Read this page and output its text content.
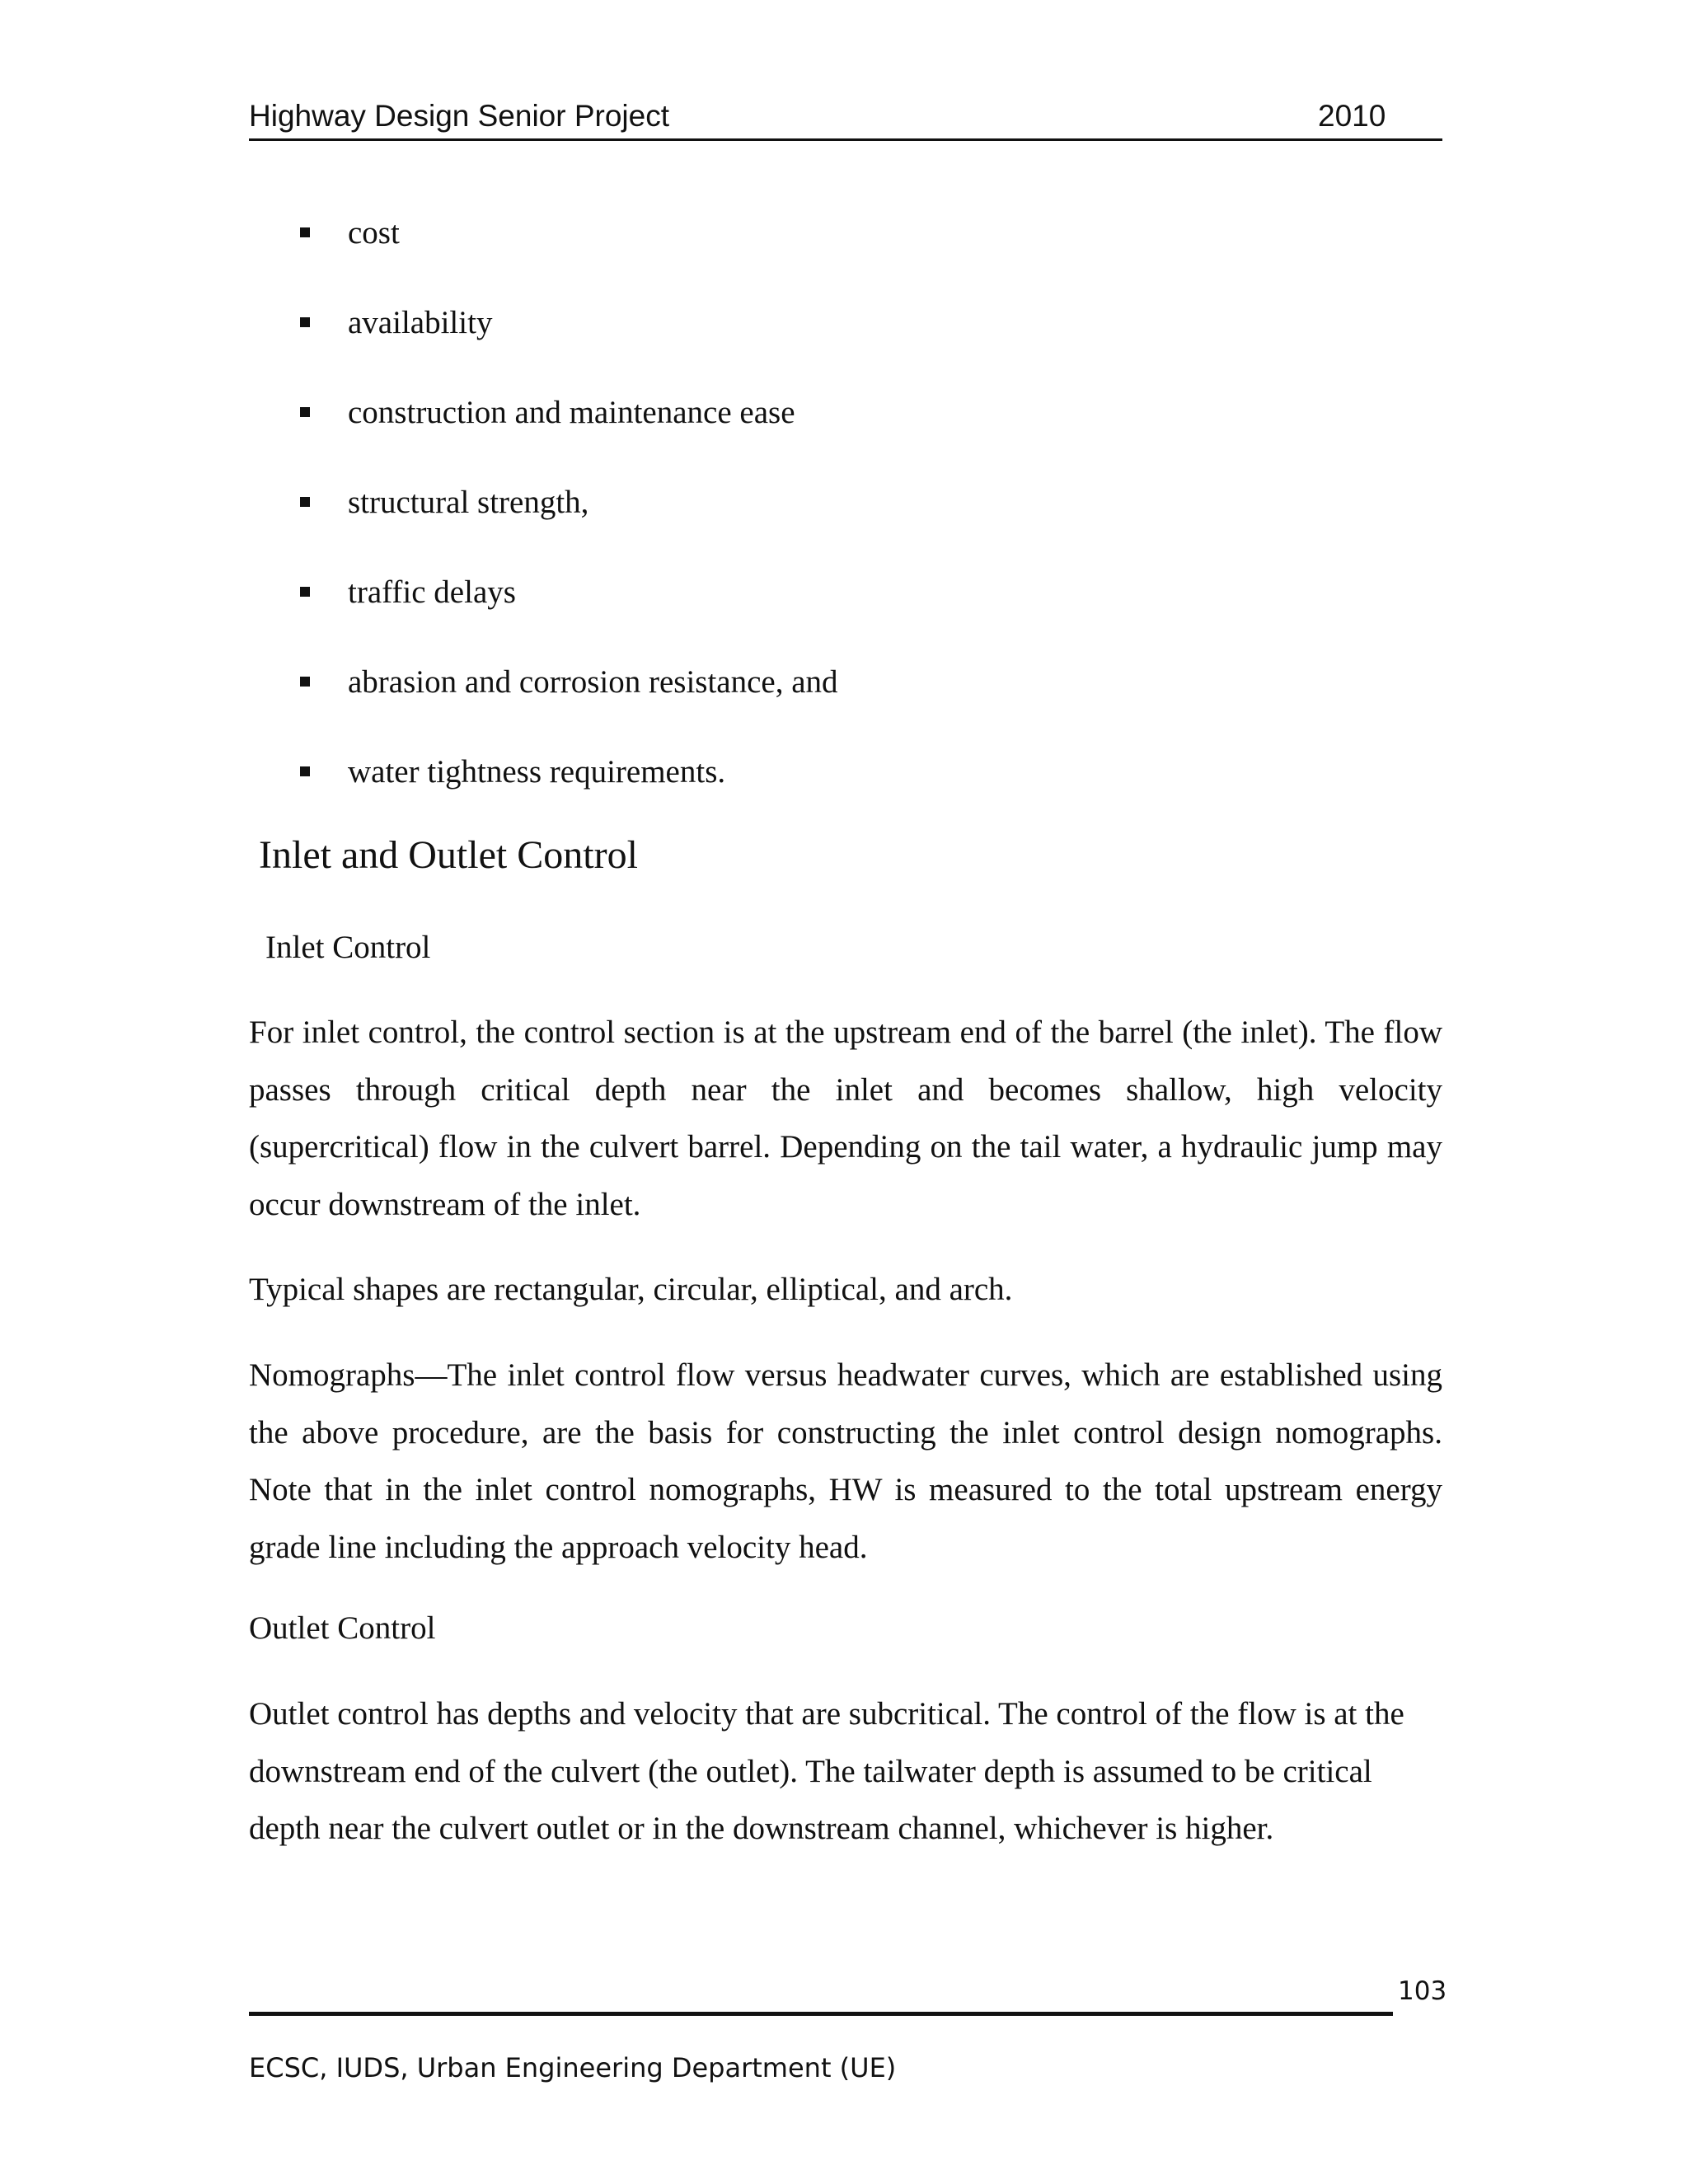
Highway Design Senior Project	2010
cost
availability
construction and maintenance ease
structural strength,
traffic delays
abrasion and corrosion resistance, and
water tightness requirements.
Inlet and Outlet Control
Inlet Control

For inlet control, the control section is at the upstream end of the barrel (the inlet). The flow passes through critical depth near the inlet and becomes shallow, high velocity (supercritical) flow in the culvert barrel. Depending on the tail water, a hydraulic jump may occur downstream of the inlet.

Typical shapes are rectangular, circular, elliptical, and arch.

Nomographs—The inlet control flow versus headwater curves, which are established using the above procedure, are the basis for constructing the inlet control design nomographs. Note that in the inlet control nomographs, HW is measured to the total upstream energy grade line including the approach velocity head.

Outlet Control

Outlet control has depths and velocity that are subcritical. The control of the flow is at the downstream end of the culvert (the outlet). The tailwater depth is assumed to be critical depth near the culvert outlet or in the downstream channel, whichever is higher.

103
ECSC, IUDS, Urban Engineering Department (UE)
